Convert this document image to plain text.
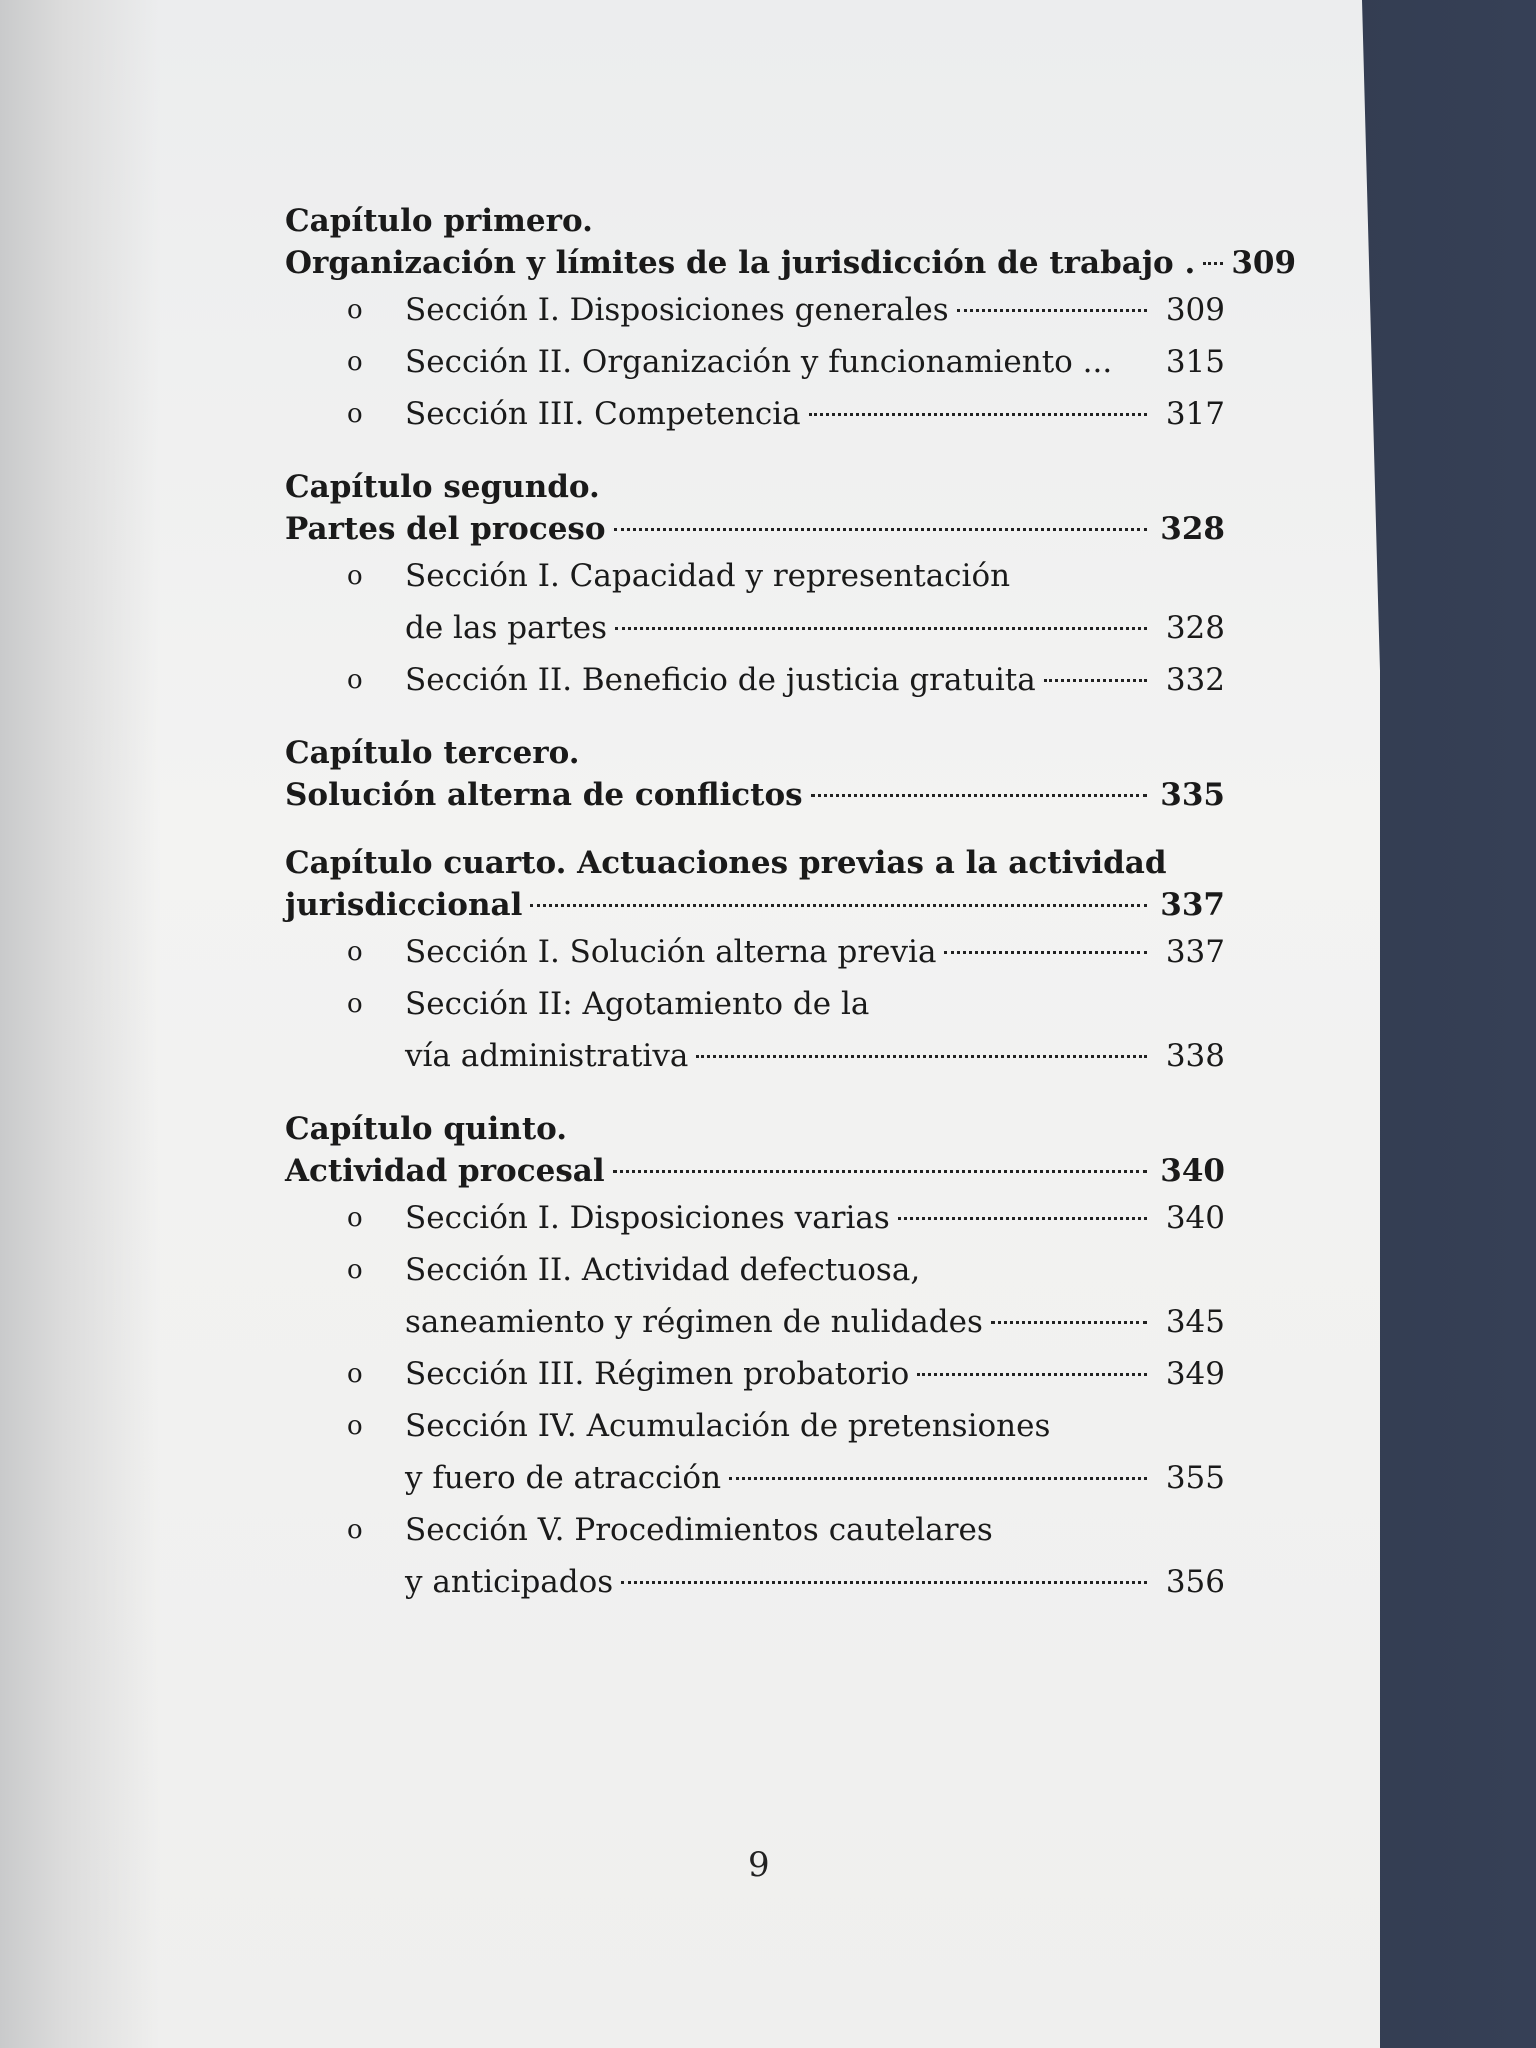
Capítulo primero.
Organización y límites de la jurisdicción de trabajo . 309
o Sección I. Disposiciones generales	309
o Sección II. Organización y funcionamiento ...	315
o Sección III. Competencia	317
Capítulo segundo.
Partes del proceso	328
o Sección I. Capacidad y representación
de las partes	328
o Sección II. Beneficio de justicia gratuita	332
Capítulo tercero.
Solución alterna de conflictos	335
Capítulo cuarto. Actuaciones previas a la actividad
jurisdiccional	337
o Sección I. Solución alterna previa	337
o Sección II: Agotamiento de la
vía administrativa	338
Capítulo quinto.
Actividad procesal	340
o Sección I. Disposiciones varias	340
o Sección II. Actividad defectuosa,
saneamiento y régimen de nulidades	345
o Sección III. Régimen probatorio	349
o Sección IV. Acumulación de pretensiones
y fuero de atracción	355
o Sección V. Procedimientos cautelares
y anticipados	356
9
